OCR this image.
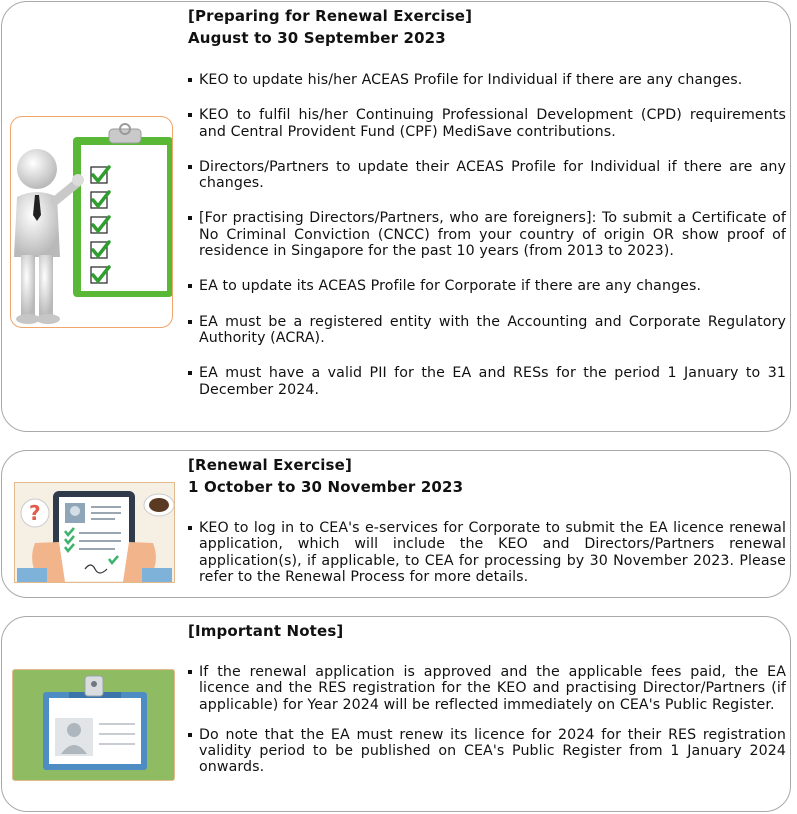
[Preparing for Renewal Exercise]
August to 30 September 2023
KEO to update his/her ACEAS Profile for Individual if there are any changes.
KEO to fulfil his/her Continuing Professional Development (CPD) requirements and Central Provident Fund (CPF) MediSave contributions.
Directors/Partners to update their ACEAS Profile for Individual if there are any changes.
[For practising Directors/Partners, who are foreigners]: To submit a Certificate of No Criminal Conviction (CNCC) from your country of origin OR show proof of residence in Singapore for the past 10 years (from 2013 to 2023).
EA to update its ACEAS Profile for Corporate if there are any changes.
EA must be a registered entity with the Accounting and Corporate Regulatory Authority (ACRA).
EA must have a valid PII for the EA and RESs for the period 1 January to 31 December 2024.
?
[Renewal Exercise]
1 October to 30 November 2023
KEO to log in to CEA's e-services for Corporate to submit the EA licence renewal application, which will include the KEO and Directors/Partners renewal application(s), if applicable, to CEA for processing by 30 November 2023. Please refer to the Renewal Process for more details.
[Important Notes]
If the renewal application is approved and the applicable fees paid, the EA licence and the RES registration for the KEO and practising Director/Partners (if applicable) for Year 2024 will be reflected immediately on CEA's Public Register.
Do note that the EA must renew its licence for 2024 for their RES registration validity period to be published on CEA's Public Register from 1 January 2024 onwards.
